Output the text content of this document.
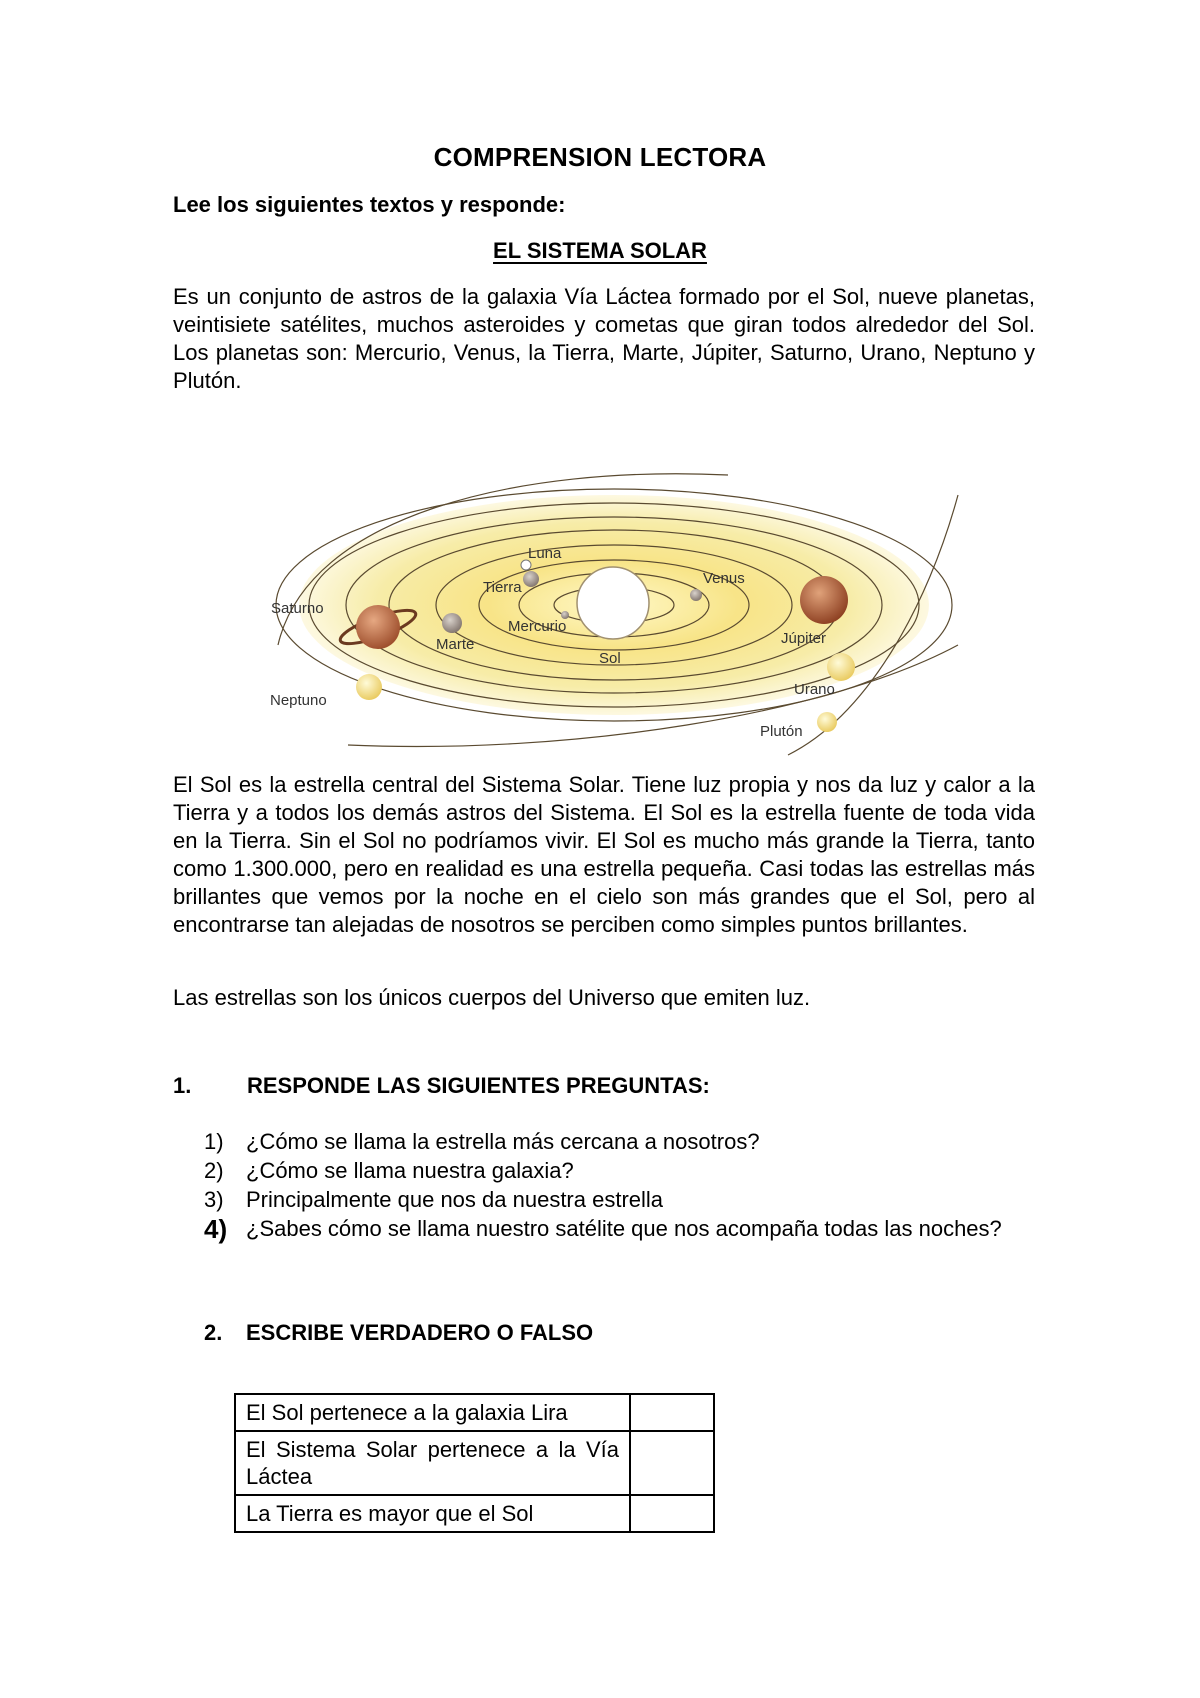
COMPRENSION LECTORA
Lee los siguientes textos y responde:
EL SISTEMA SOLAR

Es un conjunto de astros de la galaxia Vía Láctea formado por el Sol, nueve planetas, veintisiete satélites, muchos asteroides y cometas que giran todos alrededor del Sol. Los planetas son: Mercurio, Venus, la Tierra, Marte, Júpiter, Saturno, Urano, Neptuno y Plutón.

Luna
Tierra
Venus
Saturno
Mercurio
Marte
Sol
Júpiter
Urano
Neptuno
Plutón

El Sol es la estrella central del Sistema Solar. Tiene luz propia y nos da luz y calor a la Tierra y a todos los demás astros del Sistema. El Sol es la estrella fuente de toda vida en la Tierra. Sin el Sol no podríamos vivir. El Sol es mucho más grande la Tierra, tanto como 1.300.000, pero en realidad es una estrella pequeña. Casi todas las estrellas más brillantes que vemos por la noche en el cielo son más grandes que el Sol, pero al encontrarse tan alejadas de nosotros se perciben como simples puntos brillantes.

Las estrellas son los únicos cuerpos del Universo que emiten luz.

1.	RESPONDE LAS SIGUIENTES PREGUNTAS:
1)	¿Cómo se llama la estrella más cercana a nosotros?
2)	¿Cómo se llama nuestra galaxia?
3)	Principalmente que nos da nuestra estrella
4) ¿Sabes cómo se llama nuestro satélite que nos acompaña todas las noches?
2. ESCRIBE VERDADERO O FALSO
El Sol pertenece a la galaxia Lira	
El Sistema Solar pertenece a la Vía Láctea	
La Tierra es mayor que el Sol	
